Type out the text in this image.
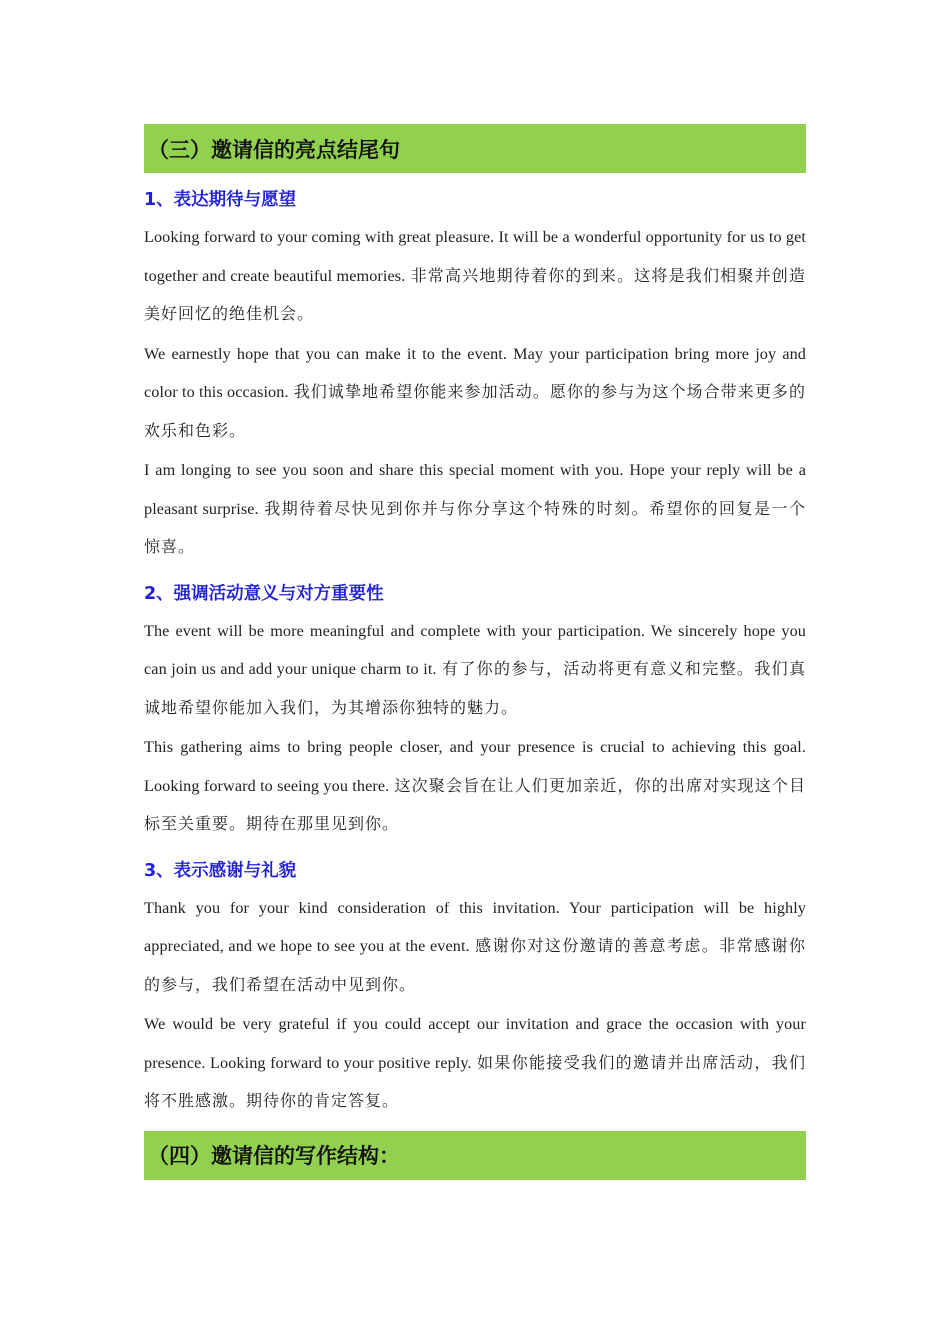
（三）邀请信的亮点结尾句
1、表达期待与愿望

Looking forward to your coming with great pleasure. It will be a wonderful opportunity for us to get together and create beautiful memories. 非常高兴地期待着你的到来。这将是我们相聚并创造美好回忆的绝佳机会。

We earnestly hope that you can make it to the event. May your participation bring more joy and color to this occasion. 我们诚挚地希望你能来参加活动。愿你的参与为这个场合带来更多的欢乐和色彩。

I am longing to see you soon and share this special moment with you. Hope your reply will be a pleasant surprise. 我期待着尽快见到你并与你分享这个特殊的时刻。希望你的回复是一个惊喜。

2、强调活动意义与对方重要性

The event will be more meaningful and complete with your participation. We sincerely hope you can join us and add your unique charm to it. 有了你的参与，活动将更有意义和完整。我们真诚地希望你能加入我们，为其增添你独特的魅力。

This gathering aims to bring people closer, and your presence is crucial to achieving this goal. Looking forward to seeing you there. 这次聚会旨在让人们更加亲近，你的出席对实现这个目标至关重要。期待在那里见到你。

3、表示感谢与礼貌

Thank you for your kind consideration of this invitation. Your participation will be highly appreciated, and we hope to see you at the event. 感谢你对这份邀请的善意考虑。非常感谢你的参与，我们希望在活动中见到你。

We would be very grateful if you could accept our invitation and grace the occasion with your presence. Looking forward to your positive reply. 如果你能接受我们的邀请并出席活动，我们将不胜感激。期待你的肯定答复。

（四）邀请信的写作结构：
